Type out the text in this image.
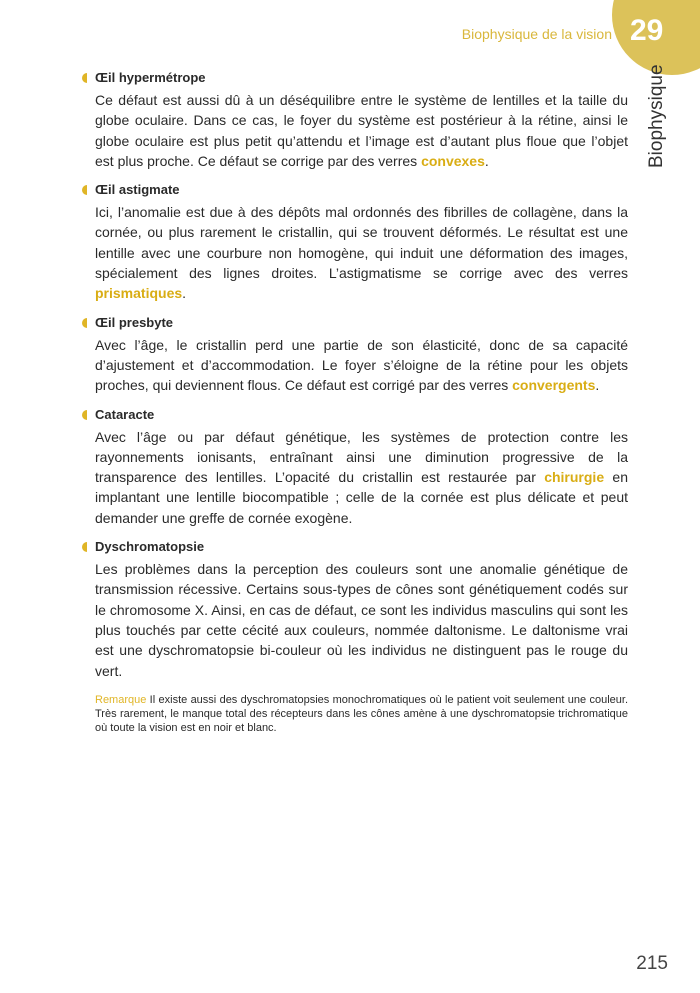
Biophysique de la vision 29
Biophysique
Œil hypermétrope
Ce défaut est aussi dû à un déséquilibre entre le système de lentilles et la taille du globe oculaire. Dans ce cas, le foyer du système est postérieur à la rétine, ainsi le globe oculaire est plus petit qu’attendu et l’image est d’autant plus floue que l’objet est plus proche. Ce défaut se corrige par des verres convexes.
Œil astigmate
Ici, l’anomalie est due à des dépôts mal ordonnés des fibrilles de collagène, dans la cornée, ou plus rarement le cristallin, qui se trouvent déformés. Le résultat est une lentille avec une courbure non homogène, qui induit une déformation des images, spécialement des lignes droites. L’astigmatisme se corrige avec des verres prismatiques.
Œil presbyte
Avec l’âge, le cristallin perd une partie de son élasticité, donc de sa capacité d’ajustement et d’accommodation. Le foyer s’éloigne de la rétine pour les objets proches, qui deviennent flous. Ce défaut est corrigé par des verres convergents.
Cataracte
Avec l’âge ou par défaut génétique, les systèmes de protection contre les rayonnements ionisants, entraînant ainsi une diminution progressive de la transparence des lentilles. L’opacité du cristallin est restaurée par chirurgie en implantant une lentille biocompatible ; celle de la cornée est plus délicate et peut demander une greffe de cornée exogène.
Dyschromatopsie
Les problèmes dans la perception des couleurs sont une anomalie génétique de transmission récessive. Certains sous-types de cônes sont génétiquement codés sur le chromosome X. Ainsi, en cas de défaut, ce sont les individus masculins qui sont les plus touchés par cette cécité aux couleurs, nommée daltonisme. Le daltonisme vrai est une dyschromatopsie bi-couleur où les individus ne distinguent pas le rouge du vert.
Remarque Il existe aussi des dyschromatopsies monochromatiques où le patient voit seulement une couleur. Très rarement, le manque total des récepteurs dans les cônes amène à une dyschromatopsie trichromatique où toute la vision est en noir et blanc.
215
